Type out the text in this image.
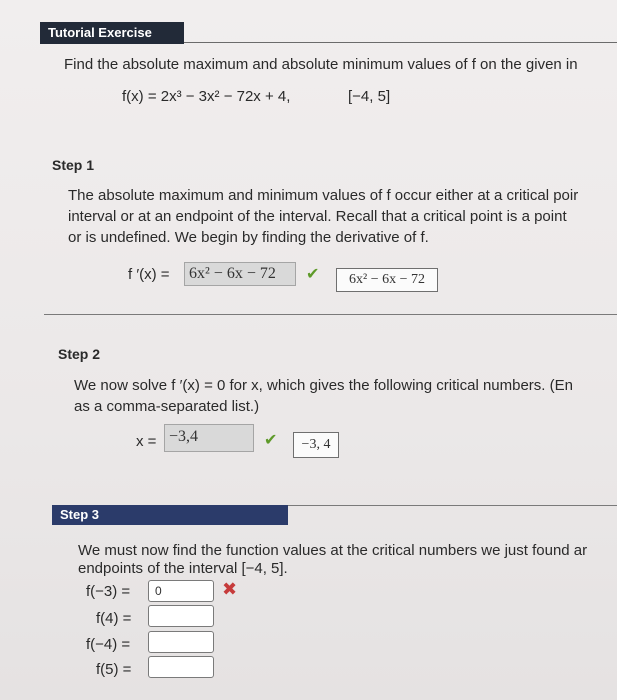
Tutorial Exercise
Find the absolute maximum and absolute minimum values of f on the given in
f(x) = 2x³ − 3x² − 72x + 4,	[−4, 5]
Step 1
The absolute maximum and minimum values of f occur either at a critical poir
interval or at an endpoint of the interval. Recall that a critical point is a point
or is undefined. We begin by finding the derivative of f.
f ′(x) =	6x² − 6x − 72	✔	6x² − 6x − 72
Step 2
We now solve f ′(x) = 0 for x, which gives the following critical numbers. (En
as a comma-separated list.)
x = −3,4	✔	−3, 4
Step 3
We must now find the function values at the critical numbers we just found ar
endpoints of the interval [−4, 5].
f(−3) =	0	✖
f(4) =
f(−4) =
f(5) =
